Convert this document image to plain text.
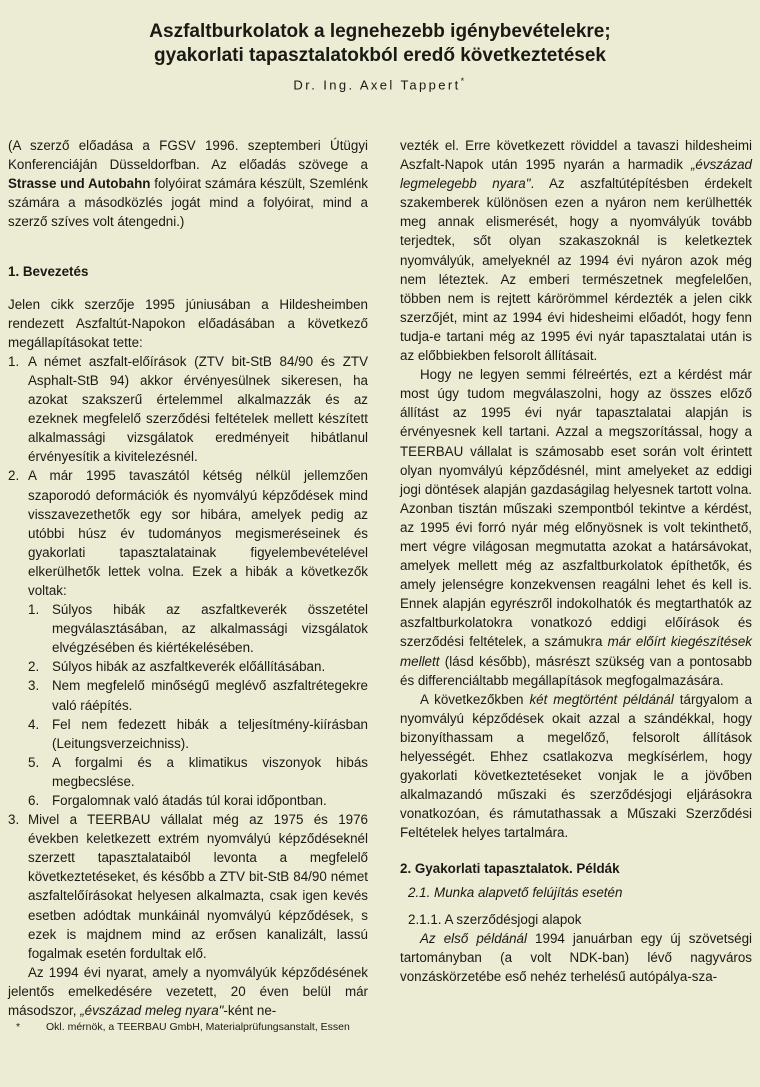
Aszfaltburkolatok a legnehezebb igénybevételekre;
gyakorlati tapasztalatokból eredő következtetések
Dr. Ing. Axel Tappert*

(A szerző előadása a FGSV 1996. szeptemberi Útügyi Konferenciáján Düsseldorfban. Az előadás szövege a Strasse und Autobahn folyóirat számára készült, Szemlénk számára a másodközlés jogát mind a folyóirat, mind a szerző szíves volt átengedni.)

1. Bevezetés

Jelen cikk szerzője 1995 júniusában a Hildesheimben rendezett Aszfaltút-Napokon előadásában a következő megállapításokat tette:

1. A német aszfalt-előírások (ZTV bit-StB 84/90 és ZTV Asphalt-StB 94) akkor érvényesülnek sikeresen, ha azokat szakszerű értelemmel alkalmazzák és az ezeknek megfelelő szerződési feltételek mellett készített alkalmassági vizsgálatok eredményeit hibátlanul érvényesítik a kivitelezésnél.
2. A már 1995 tavaszától kétség nélkül jellemzően szaporodó deformációk és nyomvályú képződések mind visszavezethetők egy sor hibára, amelyek pedig az utóbbi húsz év tudományos megismeréseinek és gyakorlati tapasztalatainak figyelembevételével elkerülhetők lettek volna. Ezek a hibák a következők voltak:
1. Súlyos hibák az aszfaltkeverék összetétel megválasztásában, az alkalmassági vizsgálatok elvégzésében és kiértékelésében.
2. Súlyos hibák az aszfaltkeverék előállításában.
3. Nem megfelelő minőségű meglévő aszfaltrétegekre való ráépítés.
4. Fel nem fedezett hibák a teljesítmény-kiírásban (Leitungsverzeichniss).
5. A forgalmi és a klimatikus viszonyok hibás megbecslése.
6. Forgalomnak való átadás túl korai időpontban.
3. Mivel a TEERBAU vállalat még az 1975 és 1976 években keletkezett extrém nyomvályú képződéseknél szerzett tapasztalataiból levonta a megfelelő következtetéseket, és később a ZTV bit-StB 84/90 német aszfaltelőírásokat helyesen alkalmazta, csak igen kevés esetben adódtak munkáinál nyomvályú képződések, s ezek is majdnem mind az erősen kanalizált, lassú fogalmak esetén fordultak elő.

Az 1994 évi nyarat, amely a nyomvályúk képződésének jelentős emelkedésére vezetett, 20 éven belül már másodszor, „évszázad meleg nyara"-ként ne-

vezték el. Erre következett röviddel a tavaszi hildesheimi Aszfalt-Napok után 1995 nyarán a harmadik „évszázad legmelegebb nyara". Az aszfaltútépítésben érdekelt szakemberek különösen ezen a nyáron nem kerülhették meg annak elismerését, hogy a nyomvályúk tovább terjedtek, sőt olyan szakaszoknál is keletkeztek nyomvályúk, amelyeknél az 1994 évi nyáron azok még nem léteztek. Az emberi természetnek megfelelően, többen nem is rejtett kárörömmel kérdezték a jelen cikk szerzőjét, mint az 1994 évi hidesheimi előadót, hogy fenn tudja-e tartani még az 1995 évi nyár tapasztalatai után is az előbbiekben felsorolt állításait.

Hogy ne legyen semmi félreértés, ezt a kérdést már most úgy tudom megválaszolni, hogy az összes előző állítást az 1995 évi nyár tapasztalatai alapján is érvényesnek kell tartani. Azzal a megszorítással, hogy a TEERBAU vállalat is számosabb eset során volt érintett olyan nyomvályú képződésnél, mint amelyeket az eddigi jogi döntések alapján gazdaságilag helyesnek tartott volna. Azonban tisztán műszaki szempontból tekintve a kérdést, az 1995 évi forró nyár még előnyösnek is volt tekinthető, mert végre világosan megmutatta azokat a határsávokat, amelyek mellett még az aszfaltburkolatok építhetők, és amely jelenségre konzekvensen reagálni lehet és kell is. Ennek alapján egyrészről indokolhatók és megtarthatók az aszfaltburkolatokra vonatkozó eddigi előírások és szerződési feltételek, a számukra már előírt kiegészítések mellett (lásd később), másrészt szükség van a pontosabb és differenciáltabb megállapítások megfogalmazására.

A következőkben két megtörtént példánál tárgyalom a nyomvályú képződések okait azzal a szándékkal, hogy bizonyíthassam a megelőző, felsorolt állítások helyességét. Ehhez csatlakozva megkísérlem, hogy gyakorlati következtetéseket vonjak le a jövőben alkalmazandó műszaki és szerződésjogi eljárásokra vonatkozóan, és rámutathassak a Műszaki Szerződési Feltételek helyes tartalmára.

2. Gyakorlati tapasztalatok. Példák

2.1. Munka alapvető felújítás esetén

2.1.1. A szerződésjogi alapok

Az első példánál 1994 januárban egy új szövetségi tartományban (a volt NDK-ban) lévő nagyváros vonzáskörzetébe eső nehéz terhelésű autópálya-sza-

* Okl. mérnök, a TEERBAU GmbH, Materialprüfungsanstalt, Essen
